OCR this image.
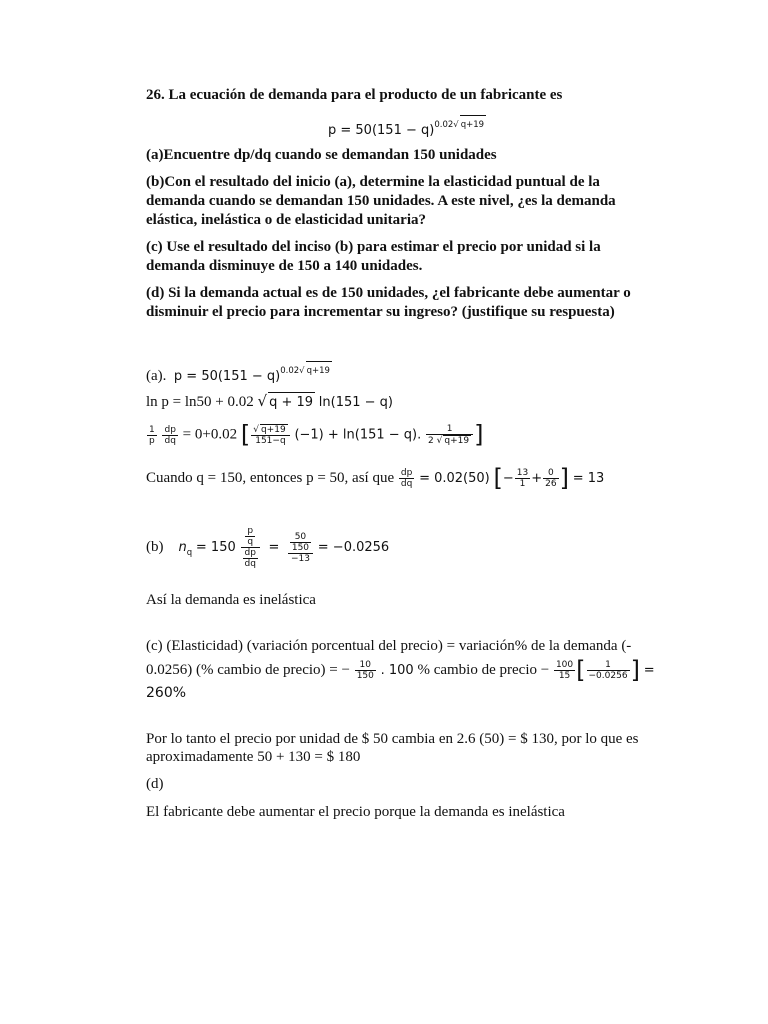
26. La ecuación de demanda para el producto de un fabricante es
$p = 50(151 - q)^{0.02√ q+19}$
(a)Encuentre dp/dq cuando se demandan 150 unidades
(b)Con el resultado del inicio (a), determine la elasticidad puntual de la
demanda cuando se demandan 150 unidades. A este nivel, ¿es la demanda
elástica, inelástica o de elasticidad unitaria?
(c) Use el resultado del inciso (b) para estimar el precio por unidad si la
demanda disminuye de 150 a 140 unidades.
(d) Si la demanda actual es de 150 unidades, ¿el fabricante debe aumentar o
disminuir el precio para incrementar su ingreso? (justifique su respuesta)
(a). $p = 50(151 - q)^{0.02√ q+19}$
ln p = ln50 + 0.02 √ q + 19 ln(151 − q)
$\frac{1}{p}$
$\frac{dp}{dq} = 0+0.02$ [ $\frac{√ q+19}{151-q} (-1) + \ln(151 - q)$. $\frac{1}{2 √ q+19}$ ]
Cuando q = 150, entonces p = 50, así que $\frac{dp}{dq} = 0.02(50)$ [− $\frac{13}{1} + \frac{0}{26}$ ] = 13
(b) $n_q = 150 \frac{\frac{p}{q}}{\frac{dp}{dq}} = \frac{\frac{50}{150}}{-13} = -0.0256$
Así la demanda es inelástica
(c) (Elasticidad) (variación porcentual del precio) = variación% de la demanda (-
0.0256) (% cambio de precio) = − $\frac{10}{150}$ . 100 % cambio de precio − $\frac{100}{15}$ [ $\frac{1}{-0.0256}$ ] =
260%
Por lo tanto el precio por unidad de $ 50 cambia en 2.6 (50) = $ 130, por lo que es
aproximadamente 50 + 130 = $ 180
(d)
El fabricante debe aumentar el precio porque la demanda es inelástica
